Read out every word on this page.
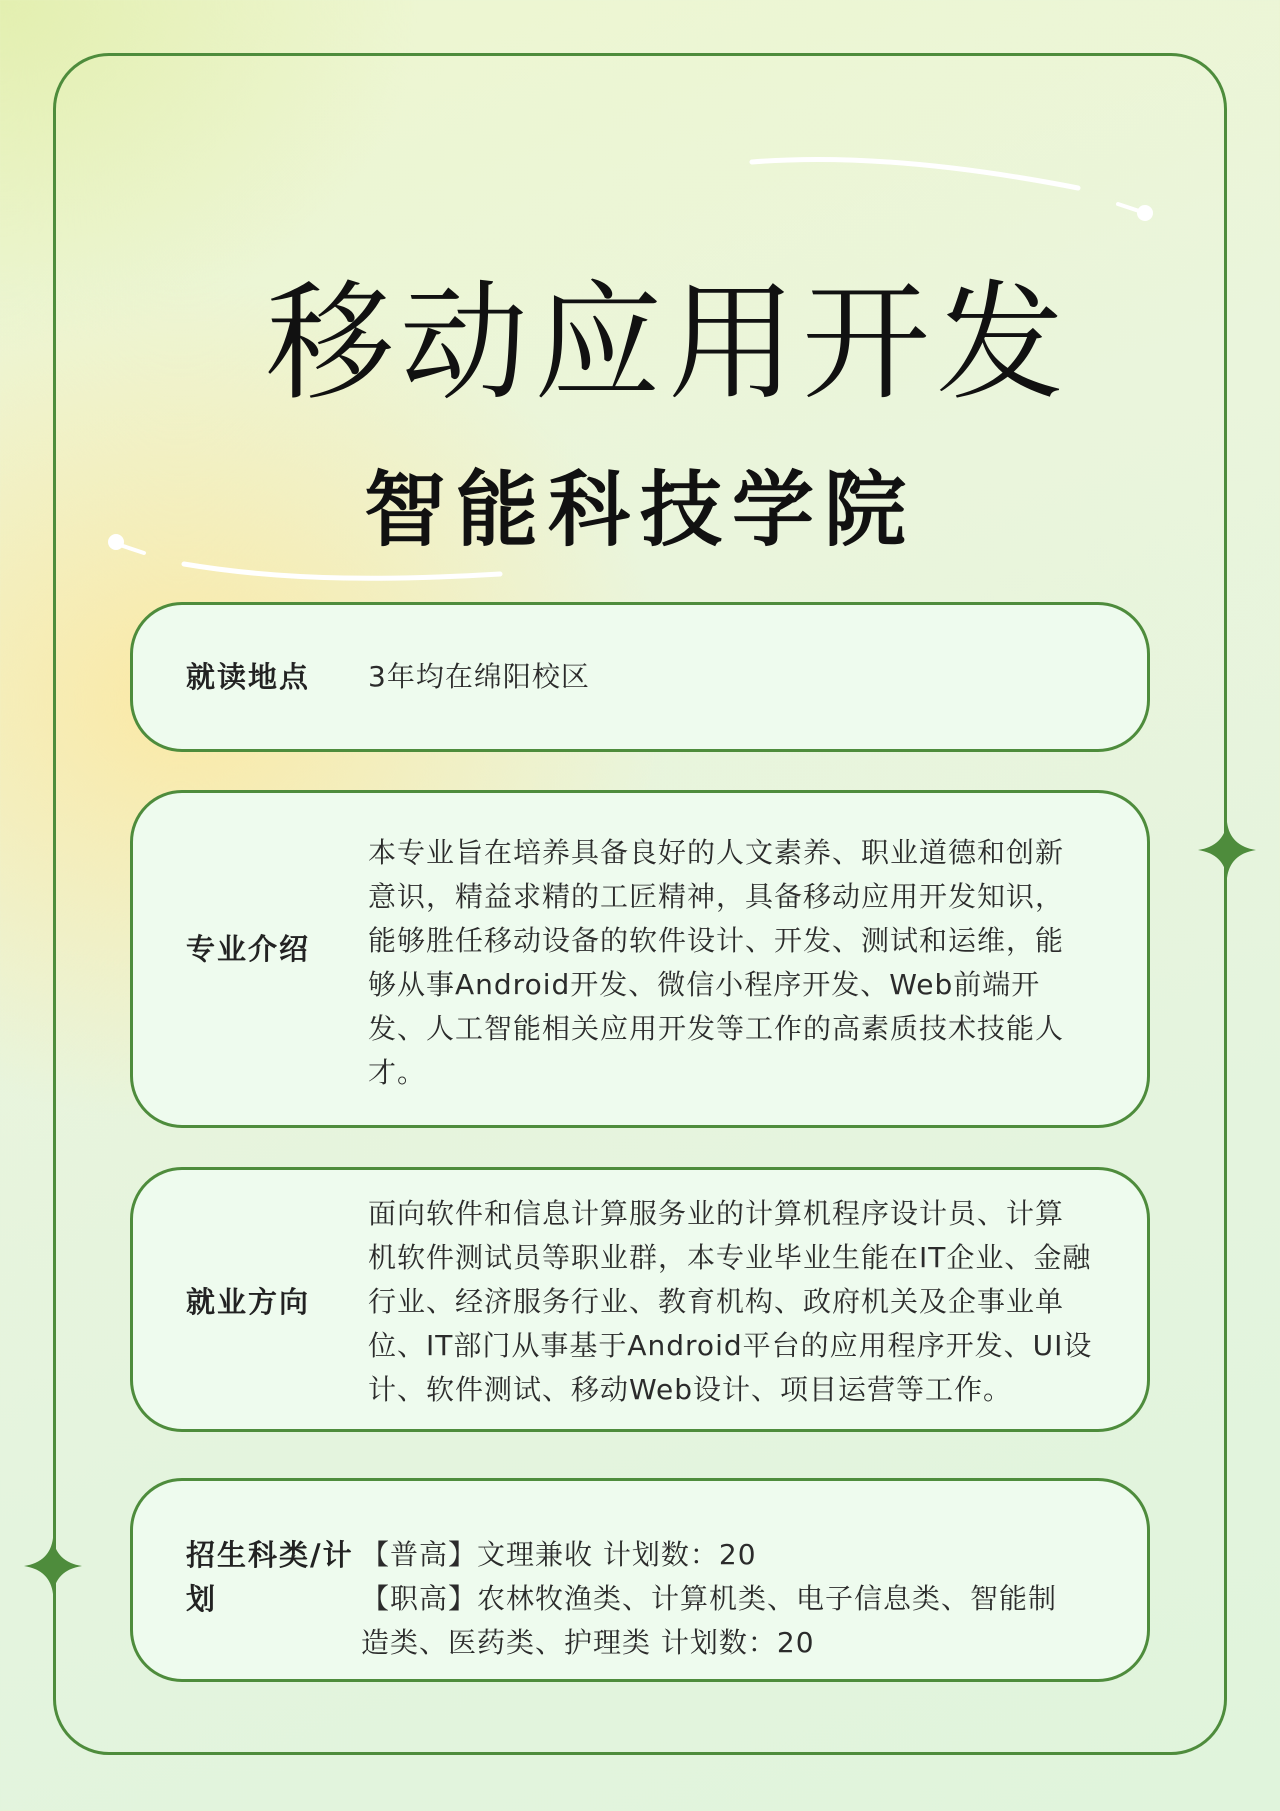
移动应用开发
智能科技学院
就读地点 3年均在绵阳校区
专业介绍
本专业旨在培养具备良好的人文素养、职业道德和创新
意识，精益求精的工匠精神，具备移动应用开发知识，
能够胜任移动设备的软件设计、开发、测试和运维，能
够从事Android开发、微信小程序开发、Web前端开
发、人工智能相关应用开发等工作的高素质技术技能人
才。
就业方向
面向软件和信息计算服务业的计算机程序设计员、计算
机软件测试员等职业群，本专业毕业生能在IT企业、金融
行业、经济服务行业、教育机构、政府机关及企事业单
位、IT部门从事基于Android平台的应用程序开发、UI设
计、软件测试、移动Web设计、项目运营等工作。
招生科类/计
划
【普高】文理兼收 计划数：20
【职高】农林牧渔类、计算机类、电子信息类、智能制
造类、医药类、护理类 计划数：20
